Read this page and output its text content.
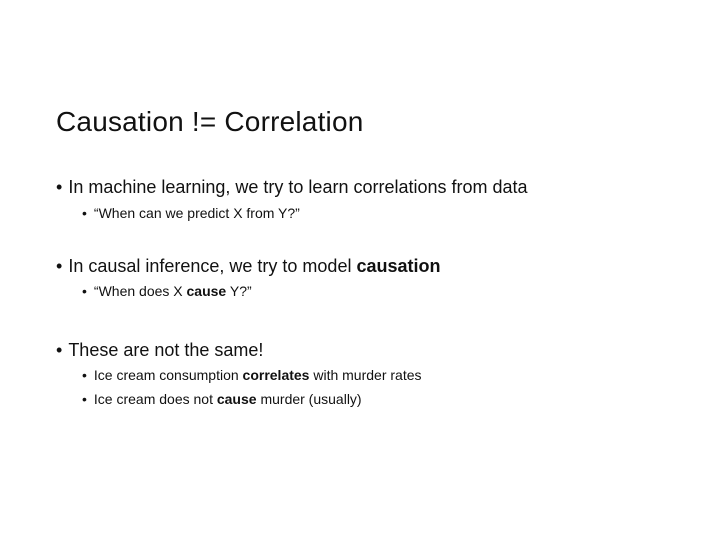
Causation != Correlation
• In machine learning, we try to learn correlations from data
• “When can we predict X from Y?”
• In causal inference, we try to model causation
• “When does X cause Y?”
• These are not the same!
• Ice cream consumption correlates with murder rates
• Ice cream does not cause murder (usually)
